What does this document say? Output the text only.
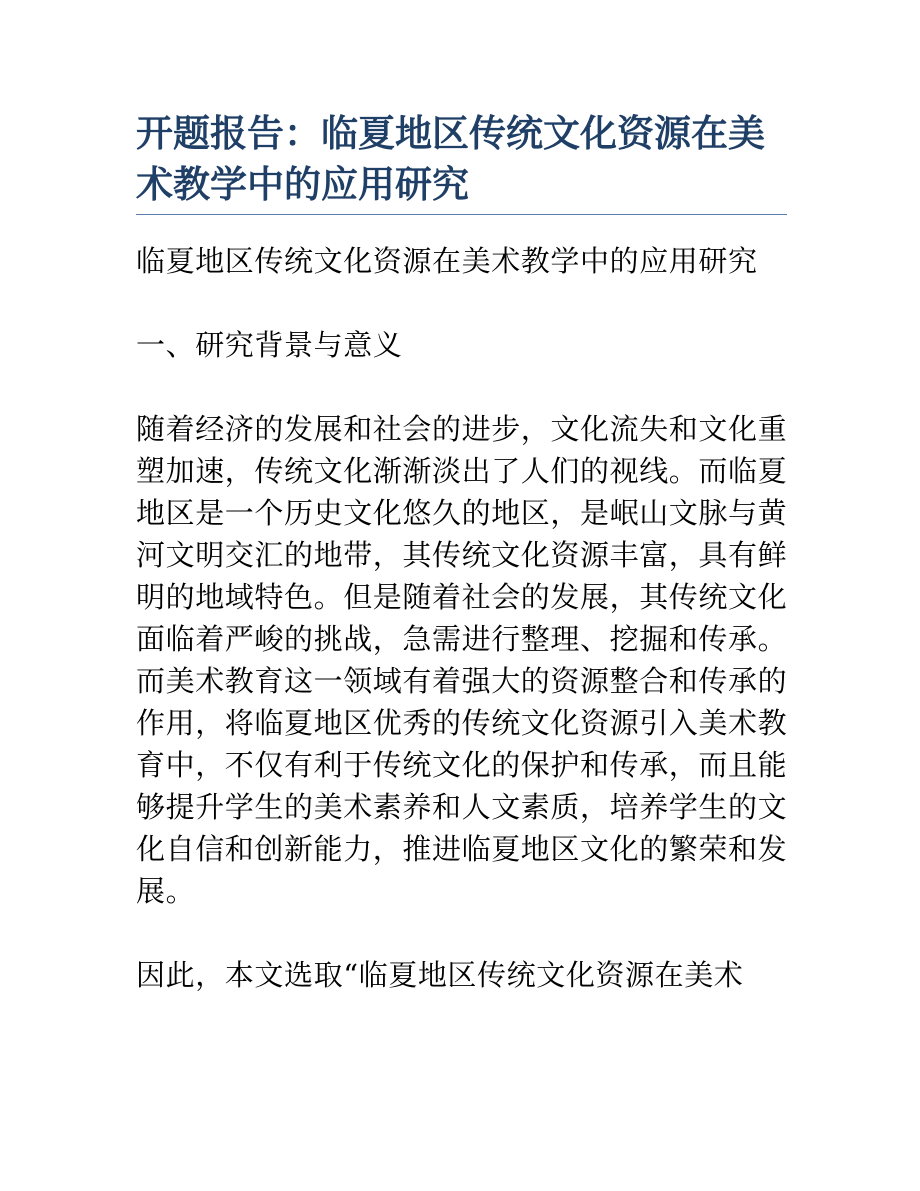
开题报告：临夏地区传统文化资源在美术教学中的应用研究

临夏地区传统文化资源在美术教学中的应用研究

一、研究背景与意义

随着经济的发展和社会的进步，文化流失和文化重塑加速，传统文化渐渐淡出了人们的视线。而临夏地区是一个历史文化悠久的地区，是岷山文脉与黄河文明交汇的地带，其传统文化资源丰富，具有鲜明的地域特色。但是随着社会的发展，其传统文化面临着严峻的挑战，急需进行整理、挖掘和传承。而美术教育这一领域有着强大的资源整合和传承的作用，将临夏地区优秀的传统文化资源引入美术教育中，不仅有利于传统文化的保护和传承，而且能够提升学生的美术素养和人文素质，培养学生的文化自信和创新能力，推进临夏地区文化的繁荣和发展。

因此，本文选取“临夏地区传统文化资源在美术
